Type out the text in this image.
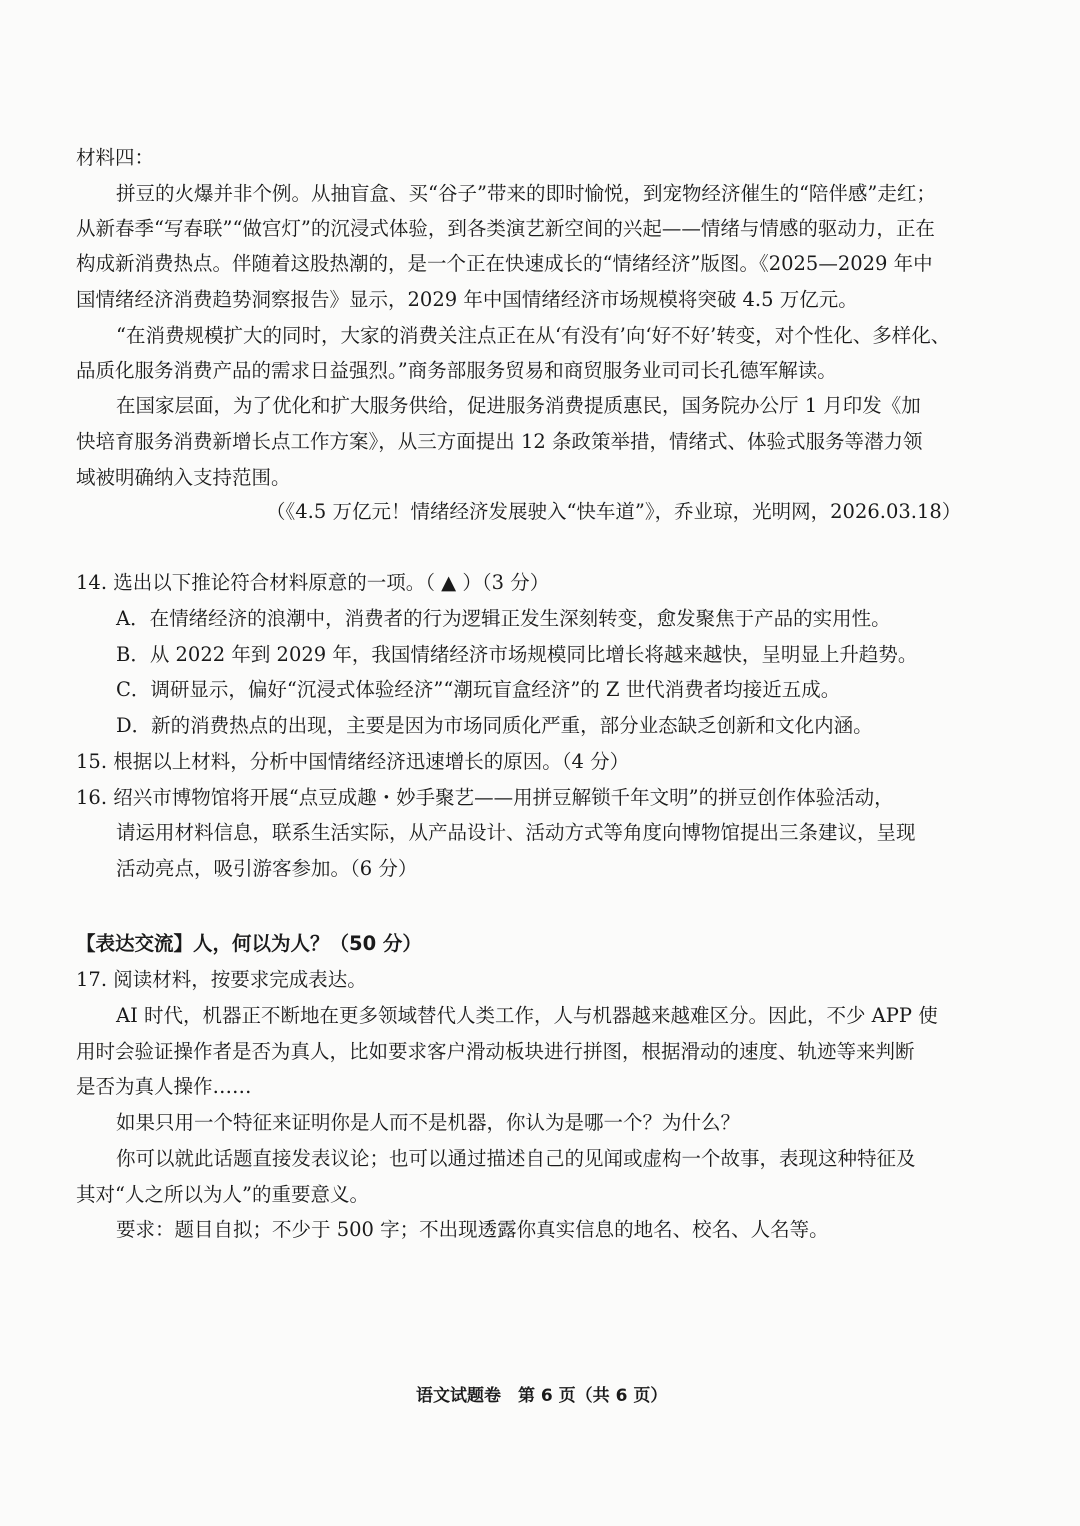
材料四：
拼豆的火爆并非个例。从抽盲盒、买“谷子”带来的即时愉悦，到宠物经济催生的“陪伴感”走红；
从新春季“写春联”“做宫灯”的沉浸式体验，到各类演艺新空间的兴起——情绪与情感的驱动力，正在
构成新消费热点。伴随着这股热潮的，是一个正在快速成长的“情绪经济”版图。《2025—2029 年中
国情绪经济消费趋势洞察报告》显示，2029 年中国情绪经济市场规模将突破 4.5 万亿元。
“在消费规模扩大的同时，大家的消费关注点正在从‘有没有’向‘好不好’转变，对个性化、多样化、
品质化服务消费产品的需求日益强烈。”商务部服务贸易和商贸服务业司司长孔德军解读。
在国家层面，为了优化和扩大服务供给，促进服务消费提质惠民，国务院办公厅 1 月印发《加
快培育服务消费新增长点工作方案》，从三方面提出 12 条政策举措，情绪式、体验式服务等潜力领
域被明确纳入支持范围。
（《4.5 万亿元！情绪经济发展驶入“快车道”》，乔业琼，光明网，2026.03.18）
14. 选出以下推论符合材料原意的一项。（ ▲ ）（3 分）
A．在情绪经济的浪潮中，消费者的行为逻辑正发生深刻转变，愈发聚焦于产品的实用性。
B．从 2022 年到 2029 年，我国情绪经济市场规模同比增长将越来越快，呈明显上升趋势。
C．调研显示，偏好“沉浸式体验经济”“潮玩盲盒经济”的 Z 世代消费者均接近五成。
D．新的消费热点的出现，主要是因为市场同质化严重，部分业态缺乏创新和文化内涵。
15. 根据以上材料，分析中国情绪经济迅速增长的原因。（4 分）
16. 绍兴市博物馆将开展“点豆成趣・妙手聚艺——用拼豆解锁千年文明”的拼豆创作体验活动，
请运用材料信息，联系生活实际，从产品设计、活动方式等角度向博物馆提出三条建议，呈现
活动亮点，吸引游客参加。（6 分）
【表达交流】人，何以为人？（50 分）
17. 阅读材料，按要求完成表达。
AI 时代，机器正不断地在更多领域替代人类工作，人与机器越来越难区分。因此，不少 APP 使
用时会验证操作者是否为真人，比如要求客户滑动板块进行拼图，根据滑动的速度、轨迹等来判断
是否为真人操作……
如果只用一个特征来证明你是人而不是机器，你认为是哪一个？为什么？
你可以就此话题直接发表议论；也可以通过描述自己的见闻或虚构一个故事，表现这种特征及
其对“人之所以为人”的重要意义。
要求：题目自拟；不少于 500 字；不出现透露你真实信息的地名、校名、人名等。
语文试题卷　第 6 页（共 6 页）
